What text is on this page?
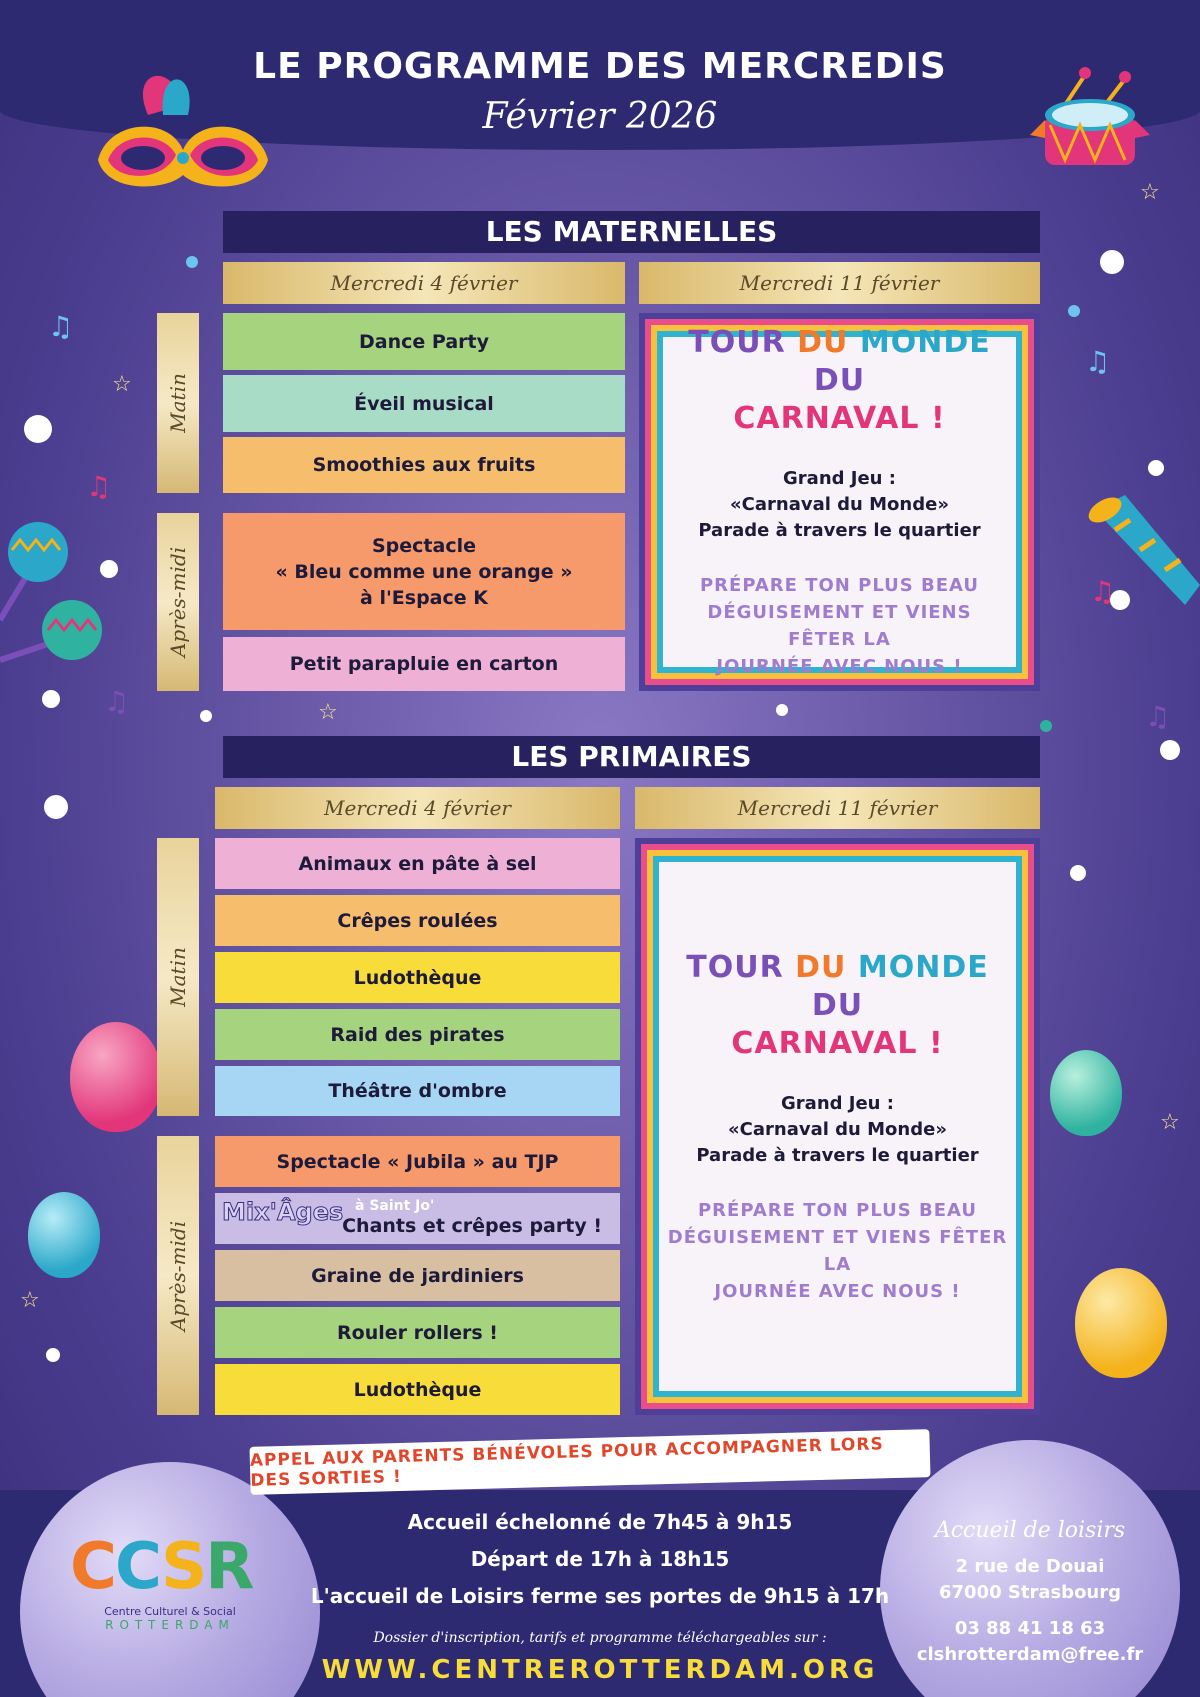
LE PROGRAMME DES MERCREDIS
Février 2026
☆
☆
☆
☆
☆
♫
♫
♫
♫
♫
♫
LES MATERNELLES
Mercredi 4 février	Mercredi 11 février
Matin
Après-midi
Dance Party
Éveil musical
Smoothies aux fruits
Spectacle
« Bleu comme une orange »
à l'Espace K
Petit parapluie en carton
TOUR DU MONDE DU
CARNAVAL !
Grand Jeu :
«Carnaval du Monde»
Parade à travers le quartier
PRÉPARE TON PLUS BEAU
DÉGUISEMENT ET VIENS FÊTER LA
JOURNÉE AVEC NOUS !
LES PRIMAIRES
Mercredi 4 février	Mercredi 11 février
Matin
Après-midi
Animaux en pâte à sel
Crêpes roulées
Ludothèque
Raid des pirates
Théâtre d'ombre
Spectacle « Jubila » au TJP
Chants et crêpes party !
Mix'Âges à Saint Jo'
Graine de jardiniers
Rouler rollers !
Ludothèque
TOUR DU MONDE DU
CARNAVAL !
Grand Jeu :
«Carnaval du Monde»
Parade à travers le quartier
PRÉPARE TON PLUS BEAU
DÉGUISEMENT ET VIENS FÊTER LA
JOURNÉE AVEC NOUS !
APPEL AUX PARENTS BÉNÉVOLES POUR ACCOMPAGNER LORS DES SORTIES !
Accueil échelonné de 7h45 à 9h15
Départ de 17h à 18h15
L'accueil de Loisirs ferme ses portes de 9h15 à 17h
Dossier d'inscription, tarifs et programme téléchargeables sur :
WWW.CENTREROTTERDAM.ORG
CCSR
Centre Culturel & Social
ROTTERDAM
Accueil de loisirs
2 rue de Douai
67000 Strasbourg
03 88 41 18 63
clshrotterdam@free.fr
